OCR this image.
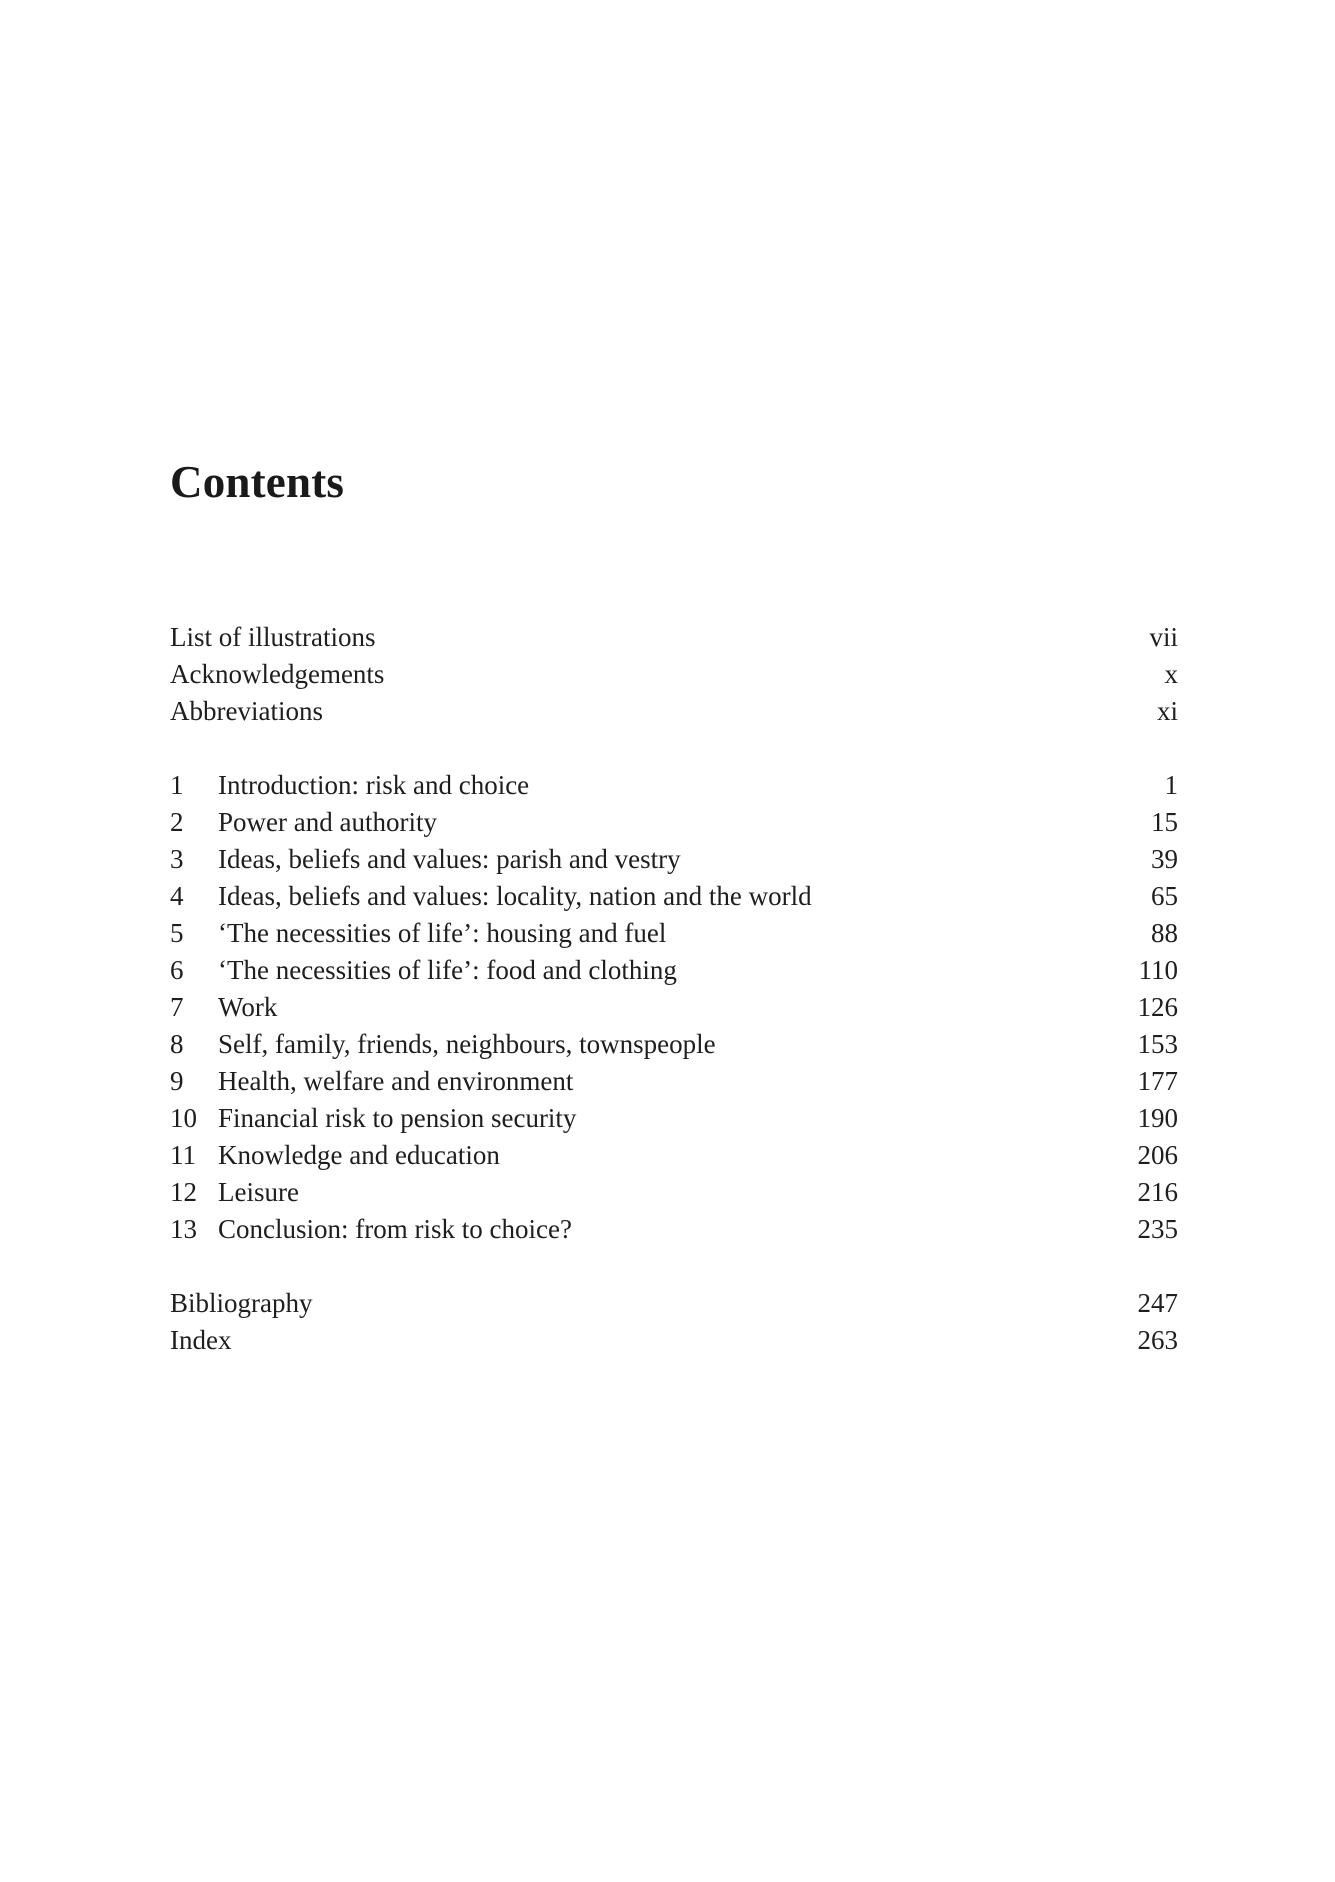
Contents
List of illustrations	vii
Acknowledgements	x
Abbreviations	xi
1	Introduction: risk and choice	1
2	Power and authority	15
3	Ideas, beliefs and values: parish and vestry	39
4	Ideas, beliefs and values: locality, nation and the world	65
5	‘The necessities of life’: housing and fuel	88
6	‘The necessities of life’: food and clothing	110
7	Work	126
8	Self, family, friends, neighbours, townspeople	153
9	Health, welfare and environment	177
10 Financial risk to pension security	190
11 Knowledge and education	206
12 Leisure	216
13 Conclusion: from risk to choice?	235
Bibliography	247
Index	263
